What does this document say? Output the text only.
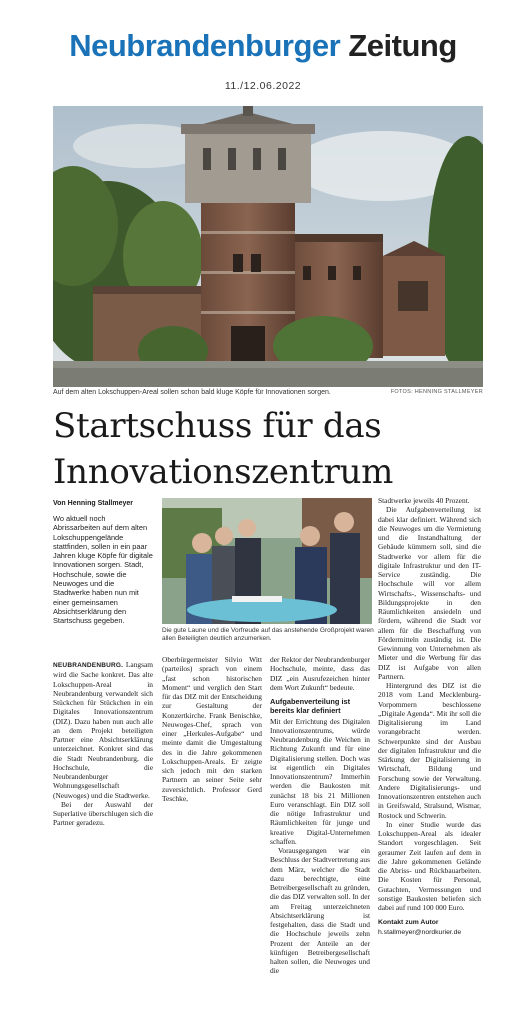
Neubrandenburger Zeitung
11./12.06.2022
Auf dem alten Lokschuppen-Areal sollen schon bald kluge Köpfe für Innovationen sorgen.	FOTOS: HENNING STALLMEYER
Startschuss für das
Innovationszentrum
Von Henning Stallmeyer
Wo aktuell noch Abrissarbeiten auf dem alten Lokschuppengelände stattfinden, sollen in ein paar Jahren kluge Köpfe für digitale Innovationen sorgen. Stadt, Hochschule, sowie die Neuwoges und die Stadtwerke haben nun mit einer gemeinsamen Absichtserklärung den Startschuss gegeben.
Die gute Laune und die Vorfreude auf das anstehende Großprojekt waren allen Beteiligten deutlich anzumerken.

NEUBRANDENBURG. Langsam wird die Sache konkret. Das alte Lokschuppen-Areal in Neubrandenburg verwandelt sich Stückchen für Stückchen in ein Digitales Innovationszentrum (DIZ). Dazu haben nun auch alle an dem Projekt beteiligten Partner eine Absichtserklärung unterzeichnet. Konkret sind das die Stadt Neubrandenburg, die Hochschule, die Neubrandenburger Wohnungsgesellschaft (Neuwoges) und die Stadtwerke.

Bei der Auswahl der Superlative überschlugen sich die Partner geradezu.

Oberbürgermeister Silvio Witt (parteilos) sprach von einem „fast schon historischen Moment“ und verglich den Start für das DIZ mit der Entscheidung zur Gestaltung der Konzertkirche. Frank Benischke, Neuwoges-Chef, sprach von einer „Herkules-Aufgabe“ und meinte damit die Umgestaltung des in die Jahre gekommenen Lokschuppen-Areals. Er zeigte sich jedoch mit den starken Partnern an seiner Seite sehr zuversichtlich. Professor Gerd Teschke,

der Rektor der Neubrandenburger Hochschule, meinte, dass das DIZ „ein Ausrufezeichen hinter dem Wort Zukunft“ bedeute.

Aufgabenverteilung ist bereits klar definiert

Mit der Errichtung des Digitalen Innovationszentrums, würde Neubrandenburg die Weichen in Richtung Zukunft und für eine Digitalisierung stellen. Doch was ist eigentlich ein Digitales Innovationszentrum? Immerhin werden die Baukosten mit zunächst 18 bis 21 Millionen Euro veranschlagt. Ein DIZ soll die nötige Infrastruktur und Räumlichkeiten für junge und kreative Digital-Unternehmen schaffen.

Vorausgegangen war ein Beschluss der Stadtvertretung aus dem März, welcher die Stadt dazu berechtigte, eine Betreibergesellschaft zu gründen, die das DIZ verwalten soll. In der am Freitag unterzeichneten Absichtserklärung ist festgehalten, dass die Stadt und die Hochschule jeweils zehn Prozent der Anteile an der künftigen Betreibergesellschaft halten sollen, die Neuwoges und die

Stadtwerke jeweils 40 Prozent.

Die Aufgabenverteilung ist dabei klar definiert. Während sich die Neuwoges um die Vermietung und die Instandhaltung der Gebäude kümmern soll, sind die Stadtwerke vor allem für die digitale Infrastruktur und den IT-Service zuständig. Die Hochschule will vor allem Wirtschafts-, Wissenschafts- und Bildungsprojekte in den Räumlichkeiten ansiedeln und fördern, während die Stadt vor allem für die Beschaffung von Fördermitteln zuständig ist. Die Gewinnung von Unternehmen als Mieter und die Werbung für das DIZ ist Aufgabe von allen Partnern.

Hintergrund des DIZ ist die 2018 vom Land Mecklenburg-Vorpommern beschlossene „Digitale Agenda“. Mit ihr soll die Digitalisierung im Land vorangebracht werden. Schwerpunkte sind der Ausbau der digitalen Infrastruktur und die Stärkung der Digitalisierung in Wirtschaft, Bildung und Forschung sowie der Verwaltung. Andere Digitalisierungs- und Innovationszentren entstehen auch in Greifswald, Stralsund, Wismar, Rostock und Schwerin.

In einer Studie wurde das Lokschuppen-Areal als idealer Standort vorgeschlagen. Seit geraumer Zeit laufen auf dem in die Jahre gekommenen Gelände die Abriss- und Rückbauarbeiten. Die Kosten für Personal, Gutachten, Vermessungen und sonstige Baukosten beliefen sich dabei auf rund 100 000 Euro.

Kontakt zum Autor
h.stallmeyer@nordkurier.de
